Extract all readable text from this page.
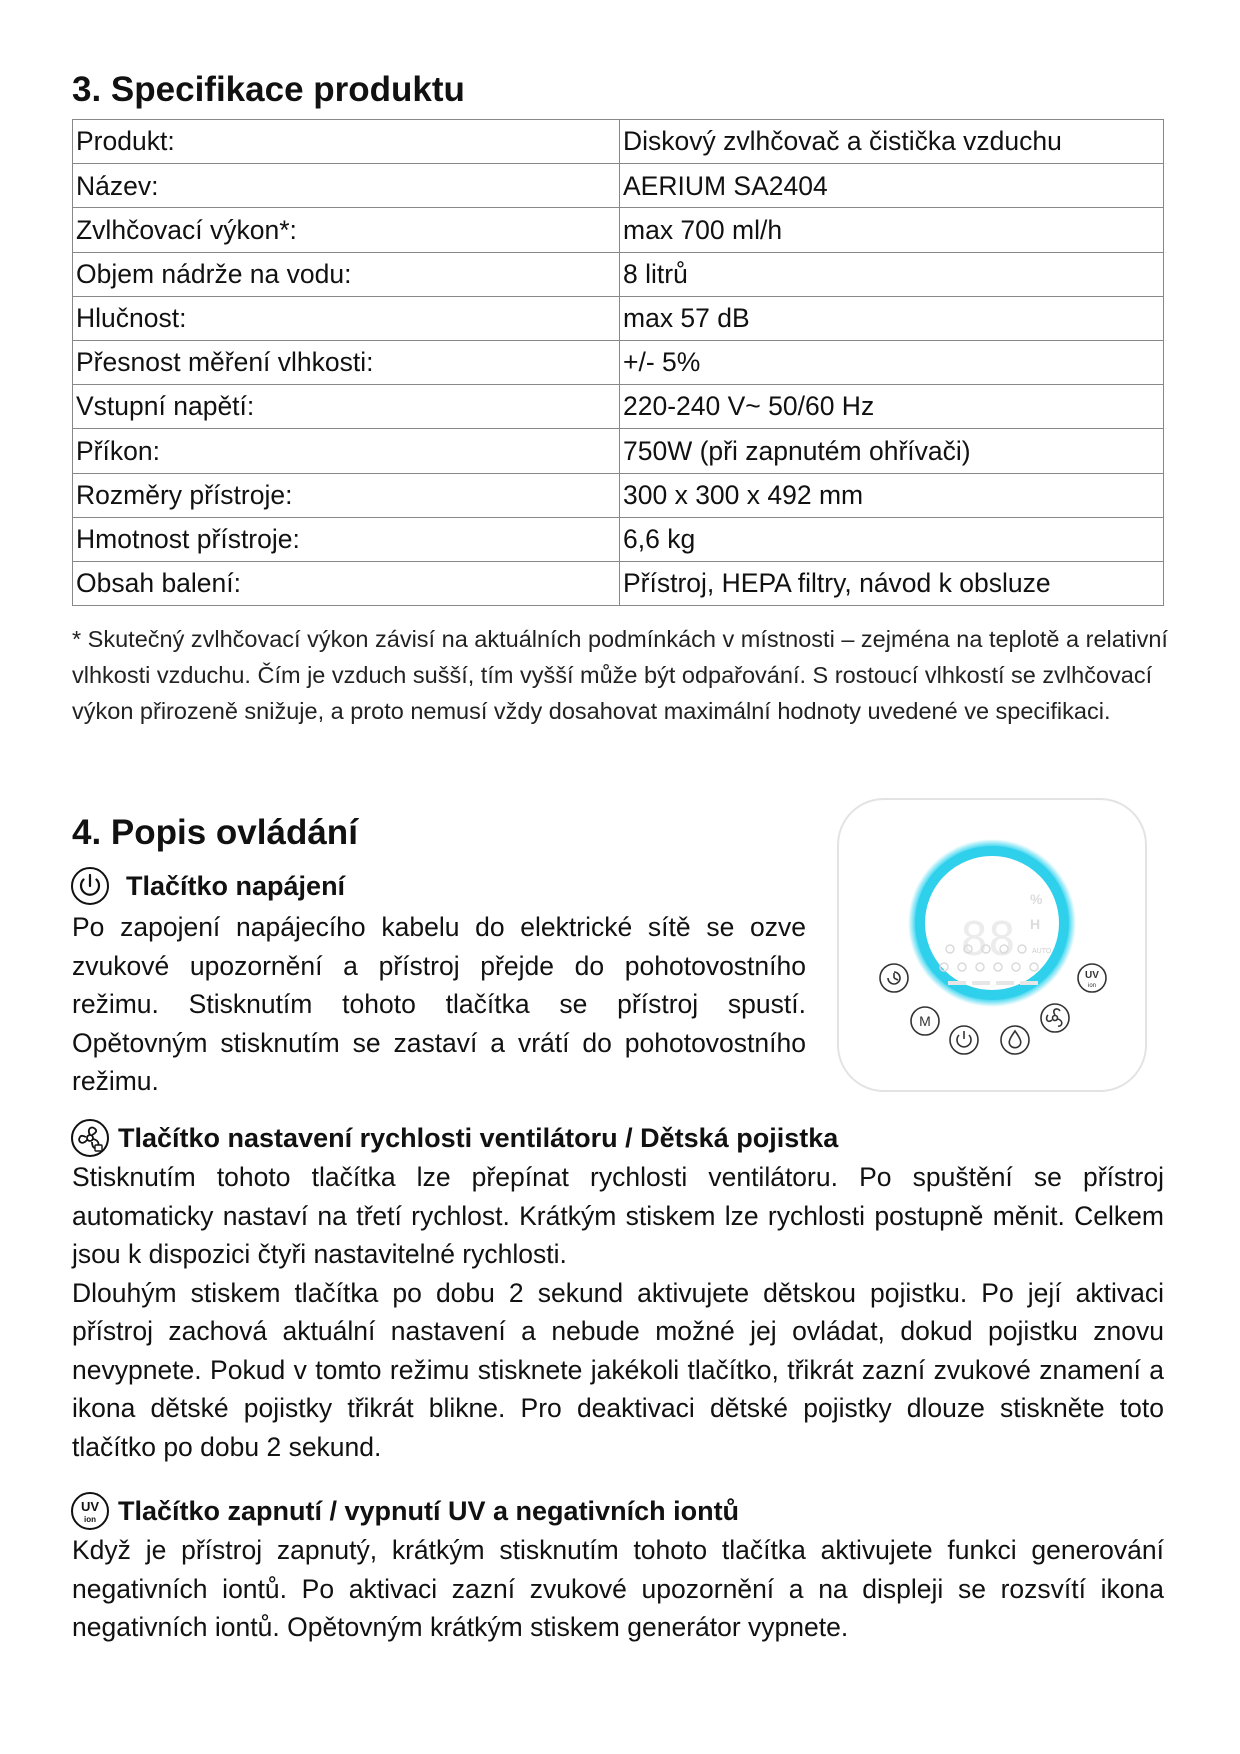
3. Specifikace produktu
Produkt:	Diskový zvlhčovač a čistička vzduchu
Název:	AERIUM SA2404
Zvlhčovací výkon*:	max 700 ml/h
Objem nádrže na vodu:	8 litrů
Hlučnost:	max 57 dB
Přesnost měření vlhkosti:	+/- 5%
Vstupní napětí:	220-240 V~ 50/60 Hz
Příkon:	750W (při zapnutém ohřívači)
Rozměry přístroje:	300 x 300 x 492 mm
Hmotnost přístroje:	6,6 kg
Obsah balení:	Přístroj, HEPA filtry, návod k obsluze

* Skutečný zvlhčovací výkon závisí na aktuálních podmínkách v místnosti – zejména na teplotě a relativní vlhkosti vzduchu. Čím je vzduch sušší, tím vyšší může být odpařování. S rostoucí vlhkostí se zvlhčovací výkon přirozeně snižuje, a proto nemusí vždy dosahovat maximální hodnoty uvedené ve specifikaci.

4. Popis ovládání
Tlačítko napájení

Po zapojení napájecího kabelu do elektrické sítě se ozve zvukové upozornění a přístroj přejde do pohotovostního režimu. Stisknutím tohoto tlačítka se přístroj spustí. Opětovným stisknutím se zastaví a vrátí do pohotovostního režimu.

88
%
H
AUTO
M
UV
ion
Tlačítko nastavení rychlosti ventilátoru / Dětská pojistka

Stisknutím tohoto tlačítka lze přepínat rychlosti ventilátoru. Po spuštění se přístroj automaticky nastaví na třetí rychlost. Krátkým stiskem lze rychlosti postupně měnit. Celkem jsou k dispozici čtyři nastavitelné rychlosti.

Dlouhým stiskem tlačítka po dobu 2 sekund aktivujete dětskou pojistku. Po její aktivaci přístroj zachová aktuální nastavení a nebude možné jej ovládat, dokud pojistku znovu nevypnete. Pokud v tomto režimu stisknete jakékoli tlačítko, třikrát zazní zvukové znamení a ikona dětské pojistky třikrát blikne. Pro deaktivaci dětské pojistky dlouze stiskněte toto tlačítko po dobu 2 sekund.

UV
ion Tlačítko zapnutí / vypnutí UV a negativních iontů

Když je přístroj zapnutý, krátkým stisknutím tohoto tlačítka aktivujete funkci generování negativních iontů. Po aktivaci zazní zvukové upozornění a na displeji se rozsvítí ikona negativních iontů. Opětovným krátkým stiskem generátor vypnete.
